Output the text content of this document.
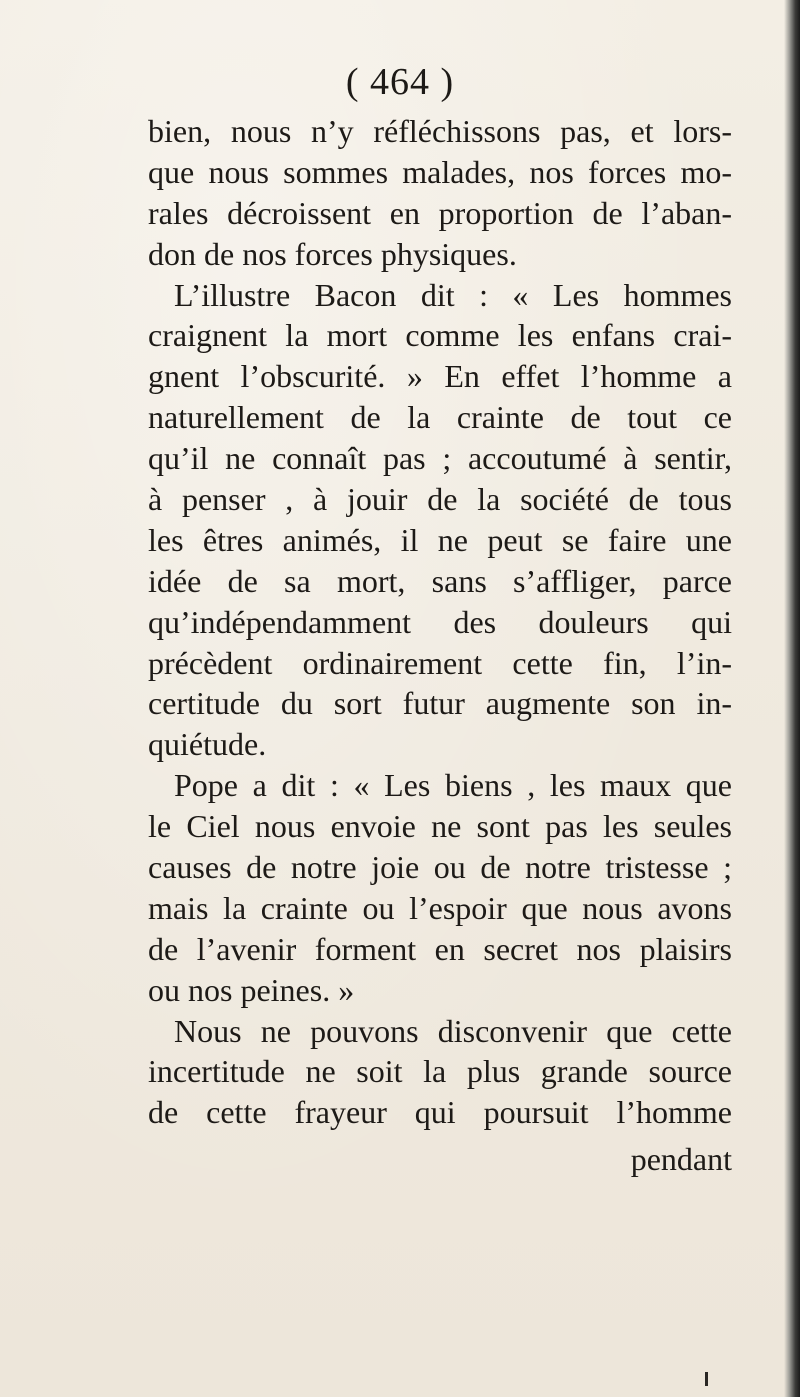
( 464 )
bien, nous n’y réfléchissons pas, et lors-
que nous sommes malades, nos forces mo-
rales décroissent en proportion de l’aban-
don de nos forces physiques.
L’illustre Bacon dit : « Les hommes
craignent la mort comme les enfans crai-
gnent l’obscurité. » En effet l’homme a
naturellement de la crainte de tout ce
qu’il ne connaît pas ; accoutumé à sentir,
à penser , à jouir de la société de tous
les êtres animés, il ne peut se faire une
idée de sa mort, sans s’affliger, parce
qu’indépendamment des douleurs qui
précèdent ordinairement cette fin, l’in-
certitude du sort futur augmente son in-
quiétude.
Pope a dit : « Les biens , les maux que
le Ciel nous envoie ne sont pas les seules
causes de notre joie ou de notre tristesse ;
mais la crainte ou l’espoir que nous avons
de l’avenir forment en secret nos plaisirs
ou nos peines. »
Nous ne pouvons disconvenir que cette
incertitude ne soit la plus grande source
de cette frayeur qui poursuit l’homme
pendant
